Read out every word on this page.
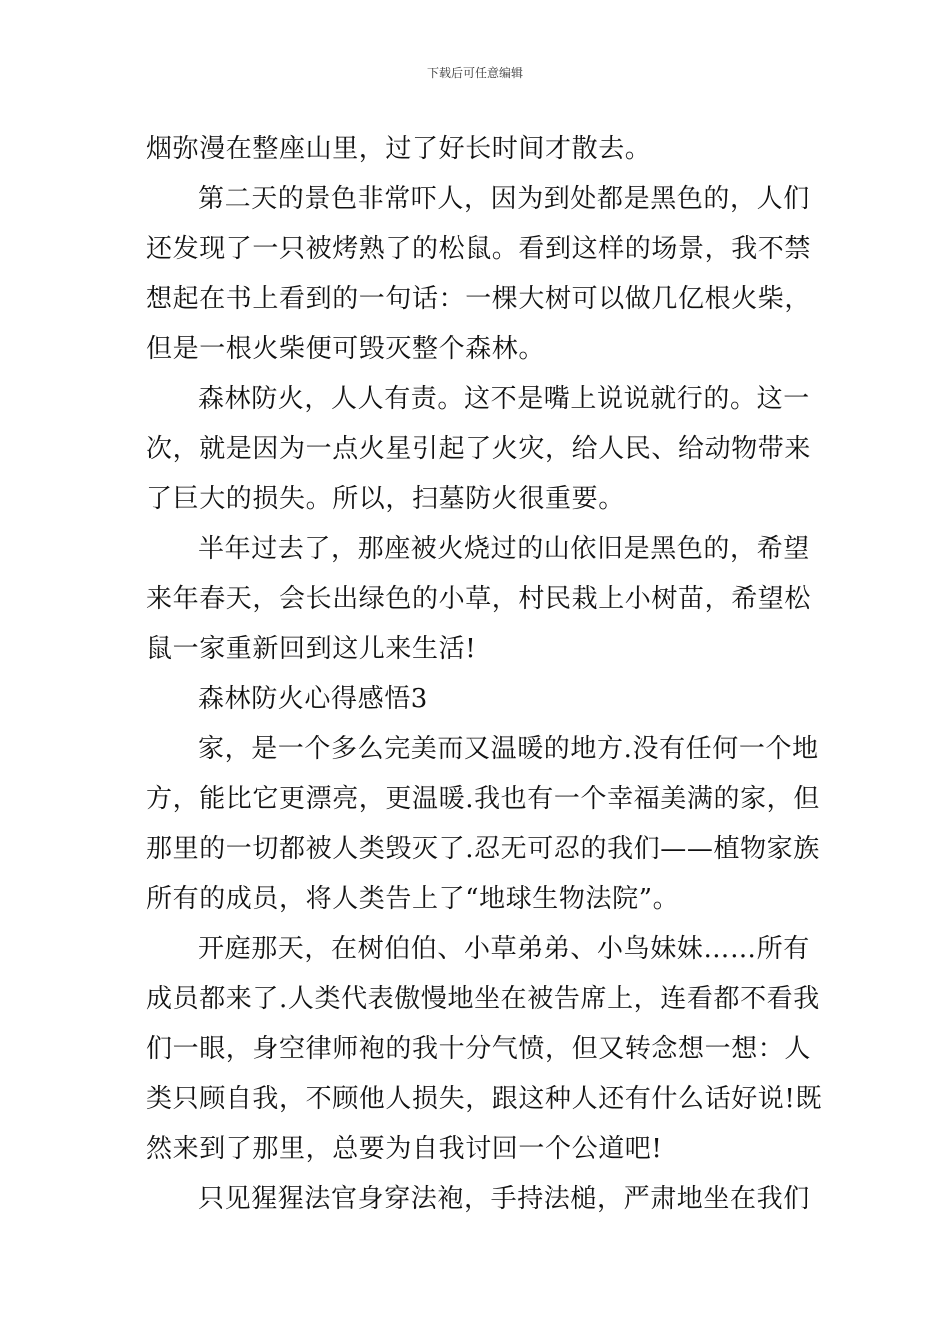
下载后可任意编辑
烟弥漫在整座山里，过了好长时间才散去。
第二天的景色非常吓人，因为到处都是黑色的，人们
还发现了一只被烤熟了的松鼠。看到这样的场景，我不禁
想起在书上看到的一句话：一棵大树可以做几亿根火柴，
但是一根火柴便可毁灭整个森林。
森林防火，人人有责。这不是嘴上说说就行的。这一
次，就是因为一点火星引起了火灾，给人民、给动物带来
了巨大的损失。所以，扫墓防火很重要。
半年过去了，那座被火烧过的山依旧是黑色的，希望
来年春天，会长出绿色的小草，村民栽上小树苗，希望松
鼠一家重新回到这儿来生活!
森林防火心得感悟3
家，是一个多么完美而又温暖的地方.没有任何一个地
方，能比它更漂亮，更温暖.我也有一个幸福美满的家，但
那里的一切都被人类毁灭了.忍无可忍的我们——植物家族
所有的成员，将人类告上了“地球生物法院”。
开庭那天，在树伯伯、小草弟弟、小鸟妹妹……所有
成员都来了.人类代表傲慢地坐在被告席上，连看都不看我
们一眼，身空律师袍的我十分气愤，但又转念想一想：人
类只顾自我，不顾他人损失，跟这种人还有什么话好说!既
然来到了那里，总要为自我讨回一个公道吧!
只见猩猩法官身穿法袍，手持法槌，严肃地坐在我们
